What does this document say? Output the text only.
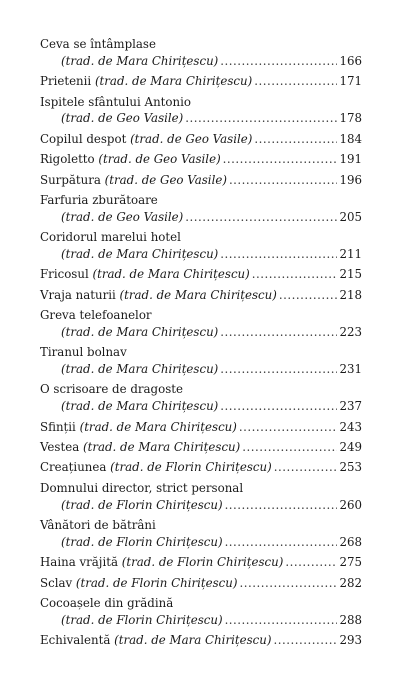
Ceva se întâmplase
(trad. de Mara Chirițescu) .....	166
Prietenii
(trad. de Mara Chirițescu) .....	171
Ispitele sfântului Antonio
(trad. de Geo Vasile) .....	178
Copilul despot
(trad. de Geo Vasile) .....	184
Rigoletto
(trad. de Geo Vasile) .....	191
Surpătura
(trad. de Geo Vasile) .....	196
Farfuria zburătoare
(trad. de Geo Vasile) .....	205
Coridorul marelui hotel
(trad. de Mara Chirițescu) .....	211
Fricosul
(trad. de Mara Chirițescu) .....	215
Vraja naturii
(trad. de Mara Chirițescu) .....	218
Greva telefoanelor
(trad. de Mara Chirițescu) .....	223
Tiranul bolnav
(trad. de Mara Chirițescu) .....	231
O scrisoare de dragoste
(trad. de Mara Chirițescu) .....	237
Sfinții
(trad. de Mara Chirițescu) .....	243
Vestea
(trad. de Mara Chirițescu) .....	249
Creațiunea
(trad. de Florin Chirițescu) .....	253
Domnului director, strict personal
(trad. de Florin Chirițescu) .....	260
Vânători de bătrâni
(trad. de Florin Chirițescu) .....	268
Haina vrăjită
(trad. de Florin Chirițescu) .....	275
Sclav
(trad. de Florin Chirițescu) .....	282
Cocoașele din grădină
(trad. de Florin Chirițescu) .....	288
Echivalentă
(trad. de Mara Chirițescu) .....	293
